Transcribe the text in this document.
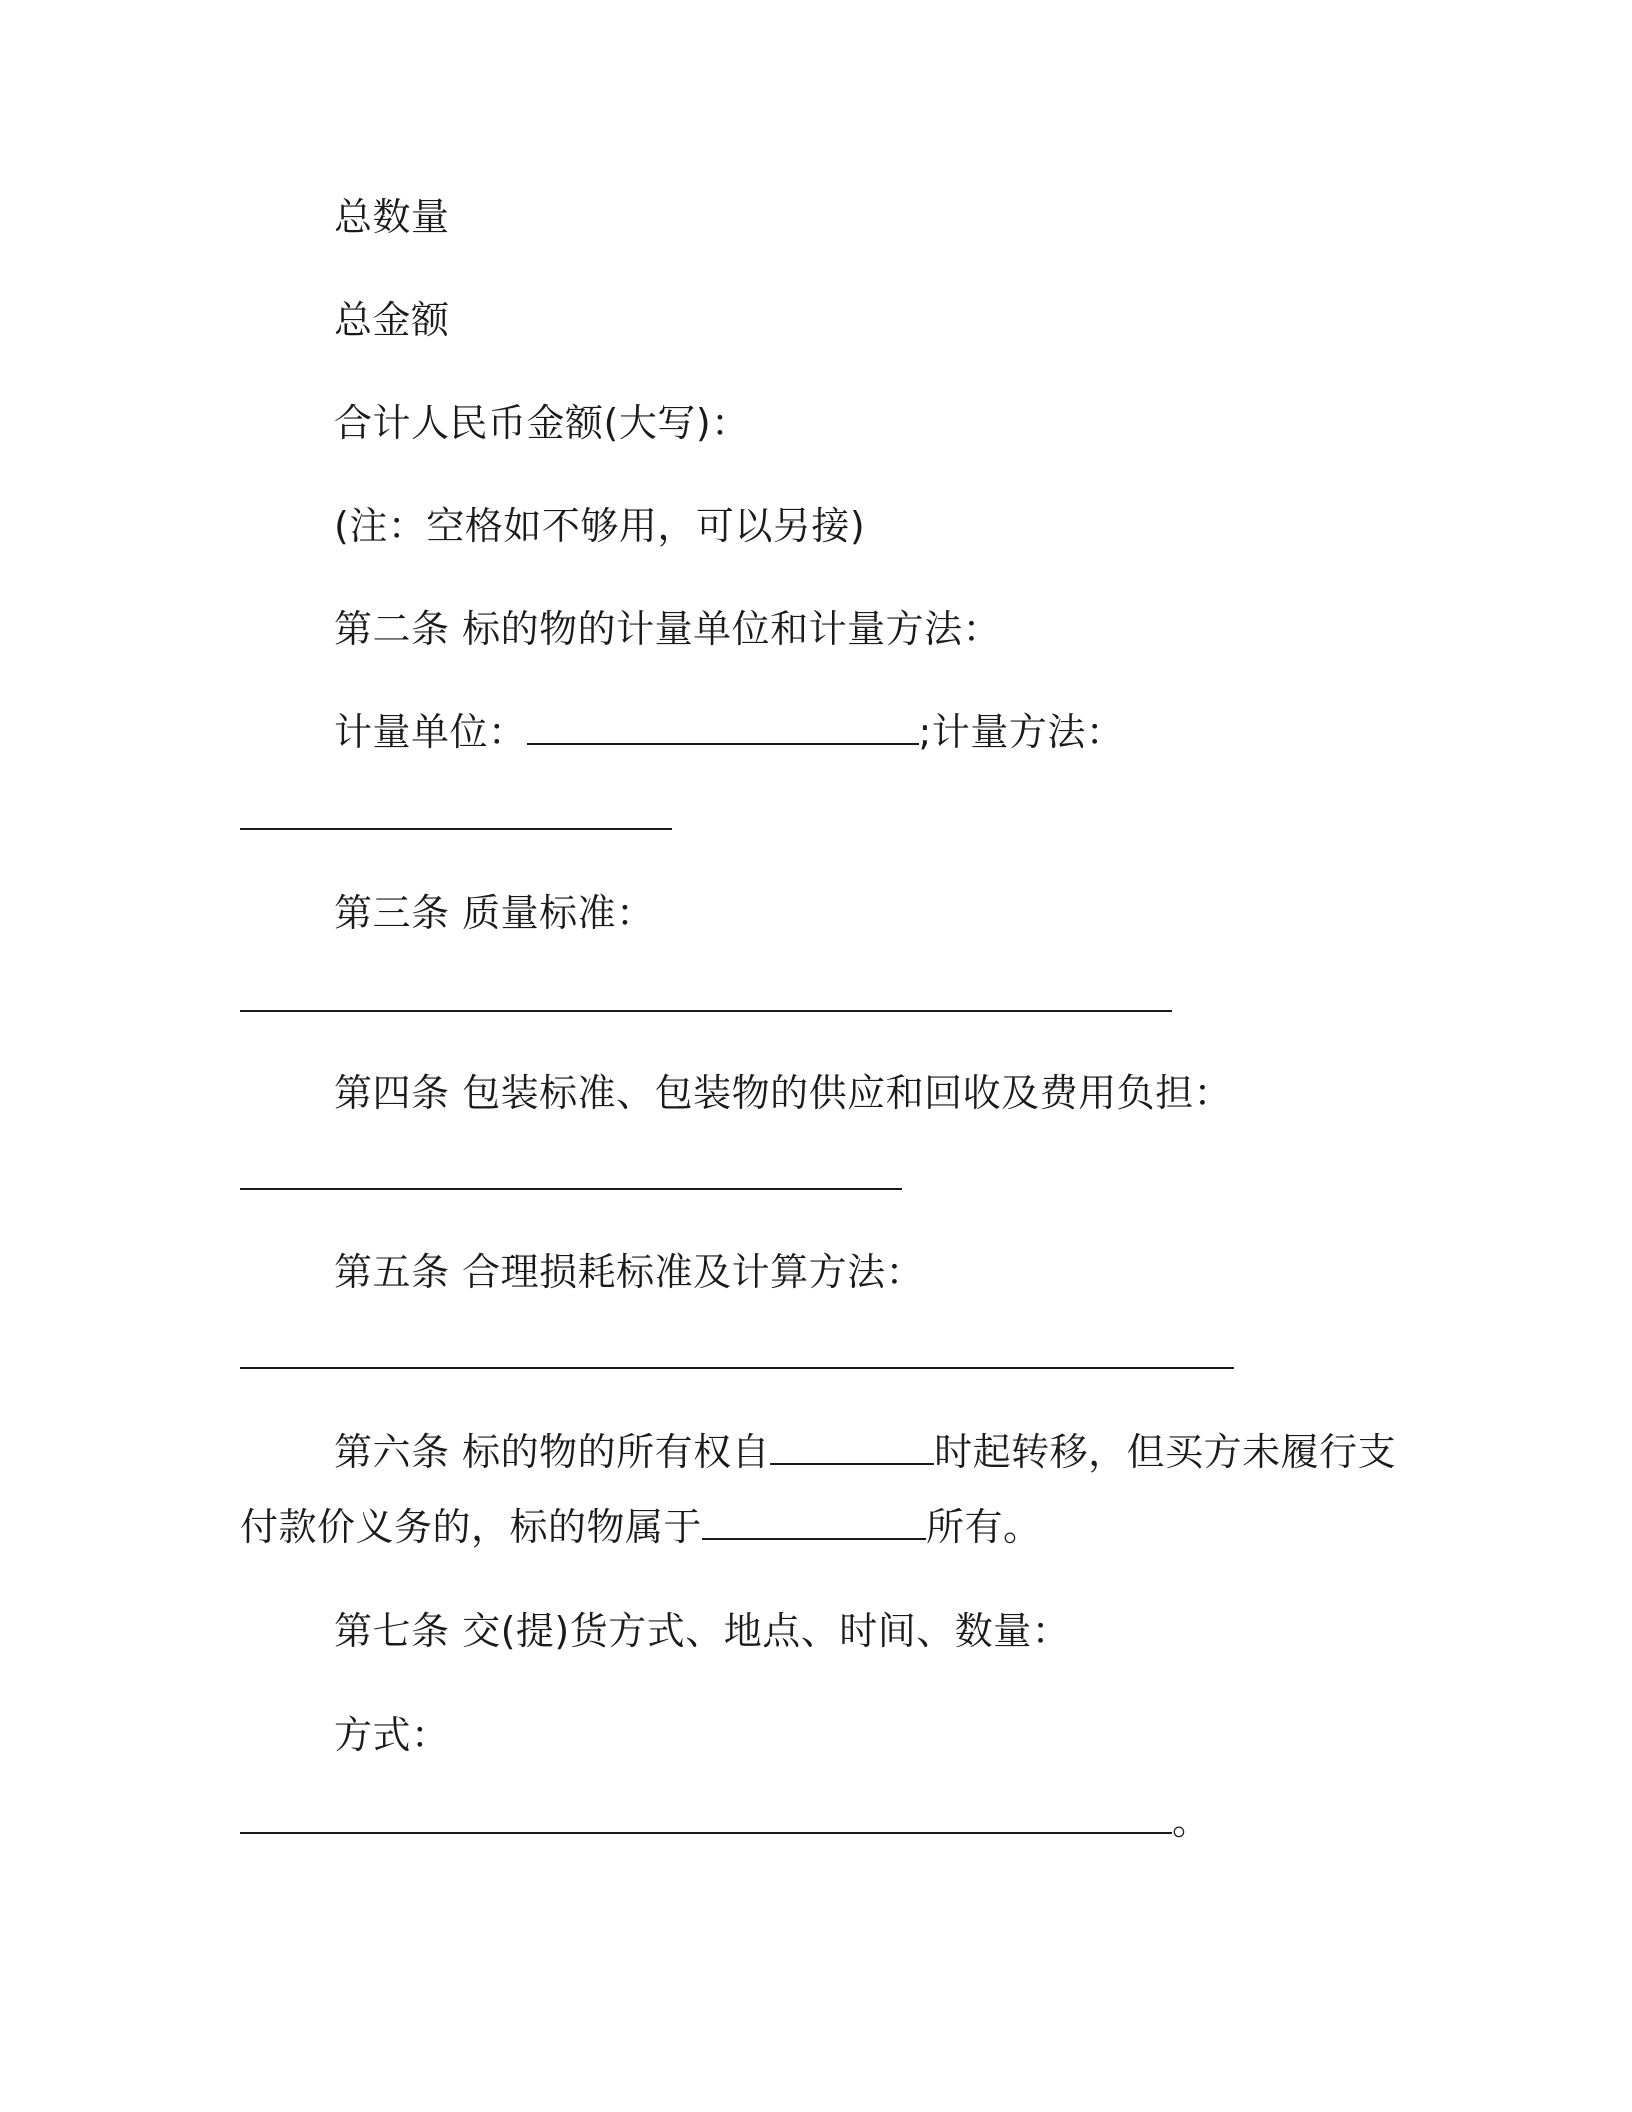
总数量
总金额
合计人民币金额(大写)：
(注：空格如不够用，可以另接)
第二条 标的物的计量单位和计量方法：
计量单位：	;计量方法：
第三条 质量标准：
第四条 包装标准、包装物的供应和回收及费用负担：
第五条 合理损耗标准及计算方法：
第六条 标的物的所有权自	时起转移，但买方未履行支
付款价义务的，标的物属于	所有。
第七条 交(提)货方式、地点、时间、数量：
方式：
。
